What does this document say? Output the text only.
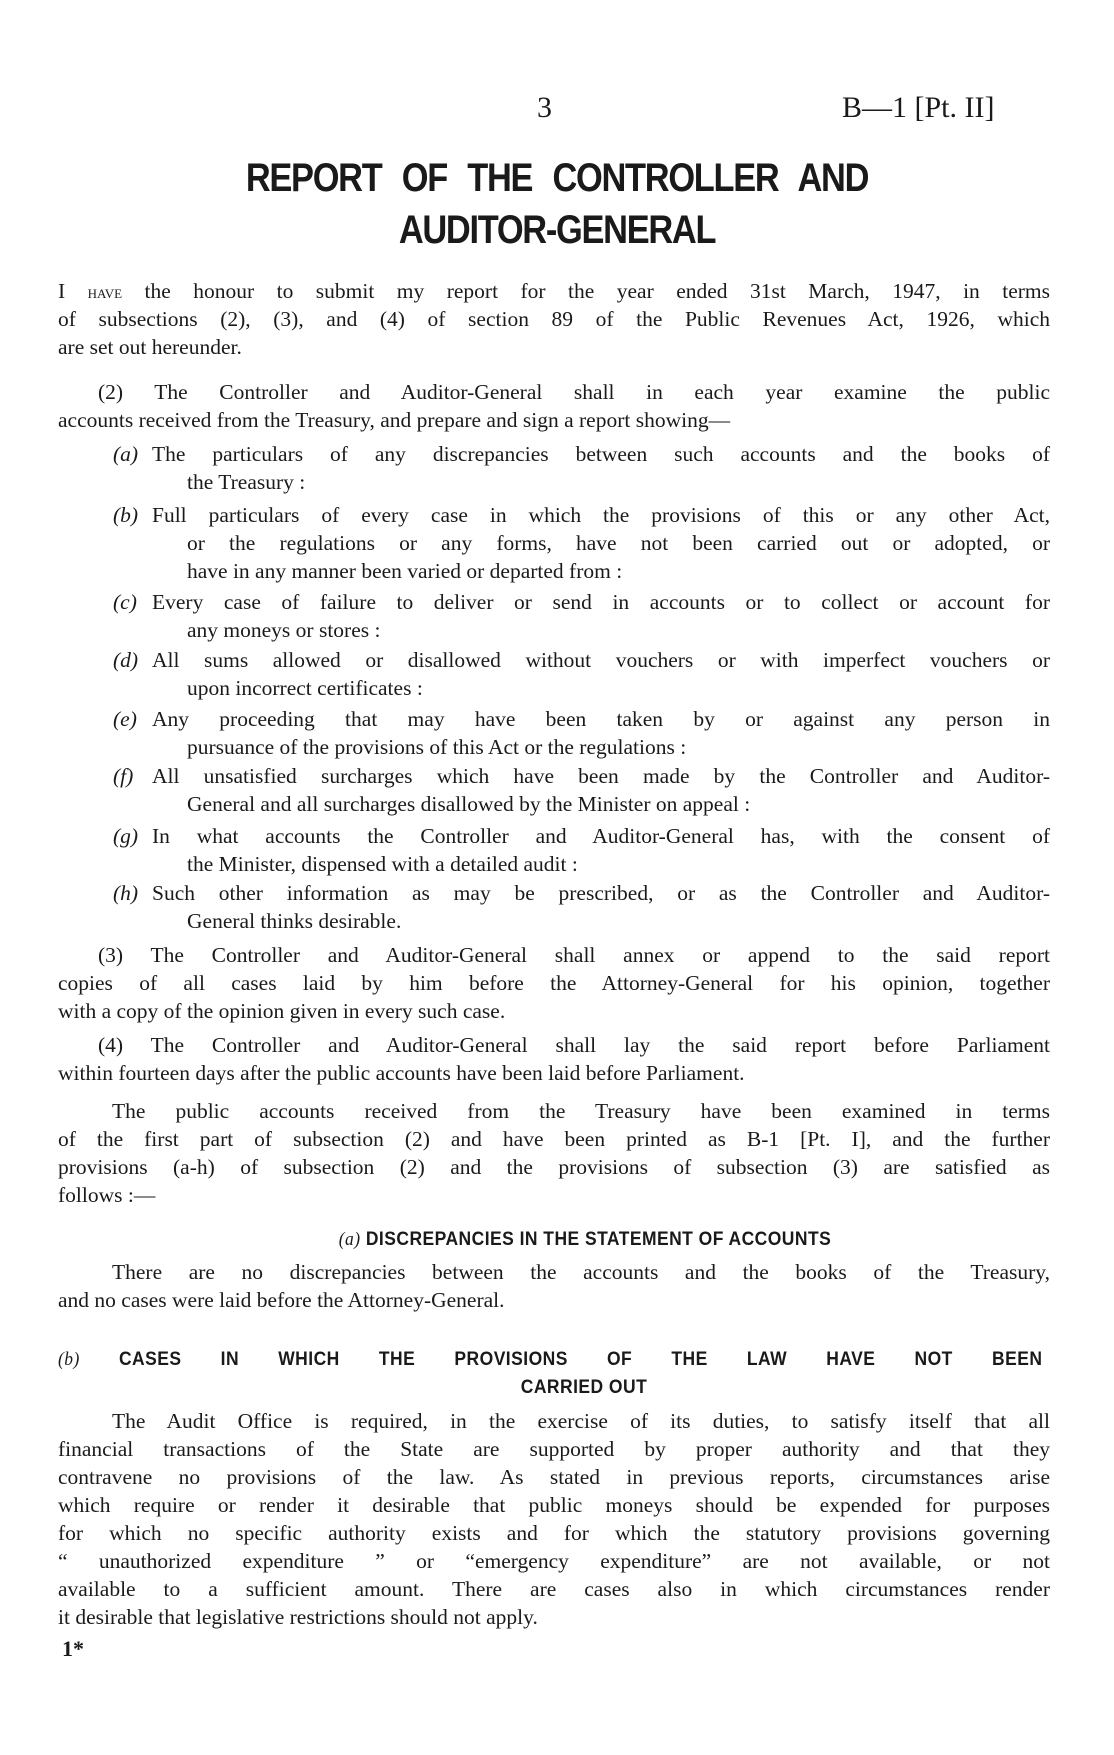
3	B—1 [Pt. II]
REPORT OF THE CONTROLLER AND
AUDITOR-GENERAL
I have the honour to submit my report for the year ended 31st March, 1947, in terms
of subsections (2), (3), and (4) of section 89 of the Public Revenues Act, 1926, which
are set out hereunder.
(2) The Controller and Auditor-General shall in each year examine the public
accounts received from the Treasury, and prepare and sign a report showing—
(a) The particulars of any discrepancies between such accounts and the books of
the Treasury :
(b) Full particulars of every case in which the provisions of this or any other Act,
or the regulations or any forms, have not been carried out or adopted, or
have in any manner been varied or departed from :
(c) Every case of failure to deliver or send in accounts or to collect or account for
any moneys or stores :
(d) All sums allowed or disallowed without vouchers or with imperfect vouchers or
upon incorrect certificates :
(e) Any proceeding that may have been taken by or against any person in
pursuance of the provisions of this Act or the regulations :
(f) All unsatisfied surcharges which have been made by the Controller and Auditor-
General and all surcharges disallowed by the Minister on appeal :
(g) In what accounts the Controller and Auditor-General has, with the consent of
the Minister, dispensed with a detailed audit :
(h) Such other information as may be prescribed, or as the Controller and Auditor-
General thinks desirable.
(3) The Controller and Auditor-General shall annex or append to the said report
copies of all cases laid by him before the Attorney-General for his opinion, together
with a copy of the opinion given in every such case.
(4) The Controller and Auditor-General shall lay the said report before Parliament
within fourteen days after the public accounts have been laid before Parliament.
The public accounts received from the Treasury have been examined in terms
of the first part of subsection (2) and have been printed as B-1 [Pt. I], and the further
provisions (a-h) of subsection (2) and the provisions of subsection (3) are satisfied as
follows :—
There are no discrepancies between the accounts and the books of the Treasury,
and no cases were laid before the Attorney-General.
The Audit Office is required, in the exercise of its duties, to satisfy itself that all
financial transactions of the State are supported by proper authority and that they
contravene no provisions of the law. As stated in previous reports, circumstances arise
which require or render it desirable that public moneys should be expended for purposes
for which no specific authority exists and for which the statutory provisions governing
“ unauthorized expenditure ” or “emergency expenditure” are not available, or not
available to a sufficient amount. There are cases also in which circumstances render
it desirable that legislative restrictions should not apply.
(a) DISCREPANCIES IN THE STATEMENT OF ACCOUNTS
(b) CASES IN WHICH THE PROVISIONS OF THE LAW HAVE NOT BEEN
CARRIED OUT
1*
